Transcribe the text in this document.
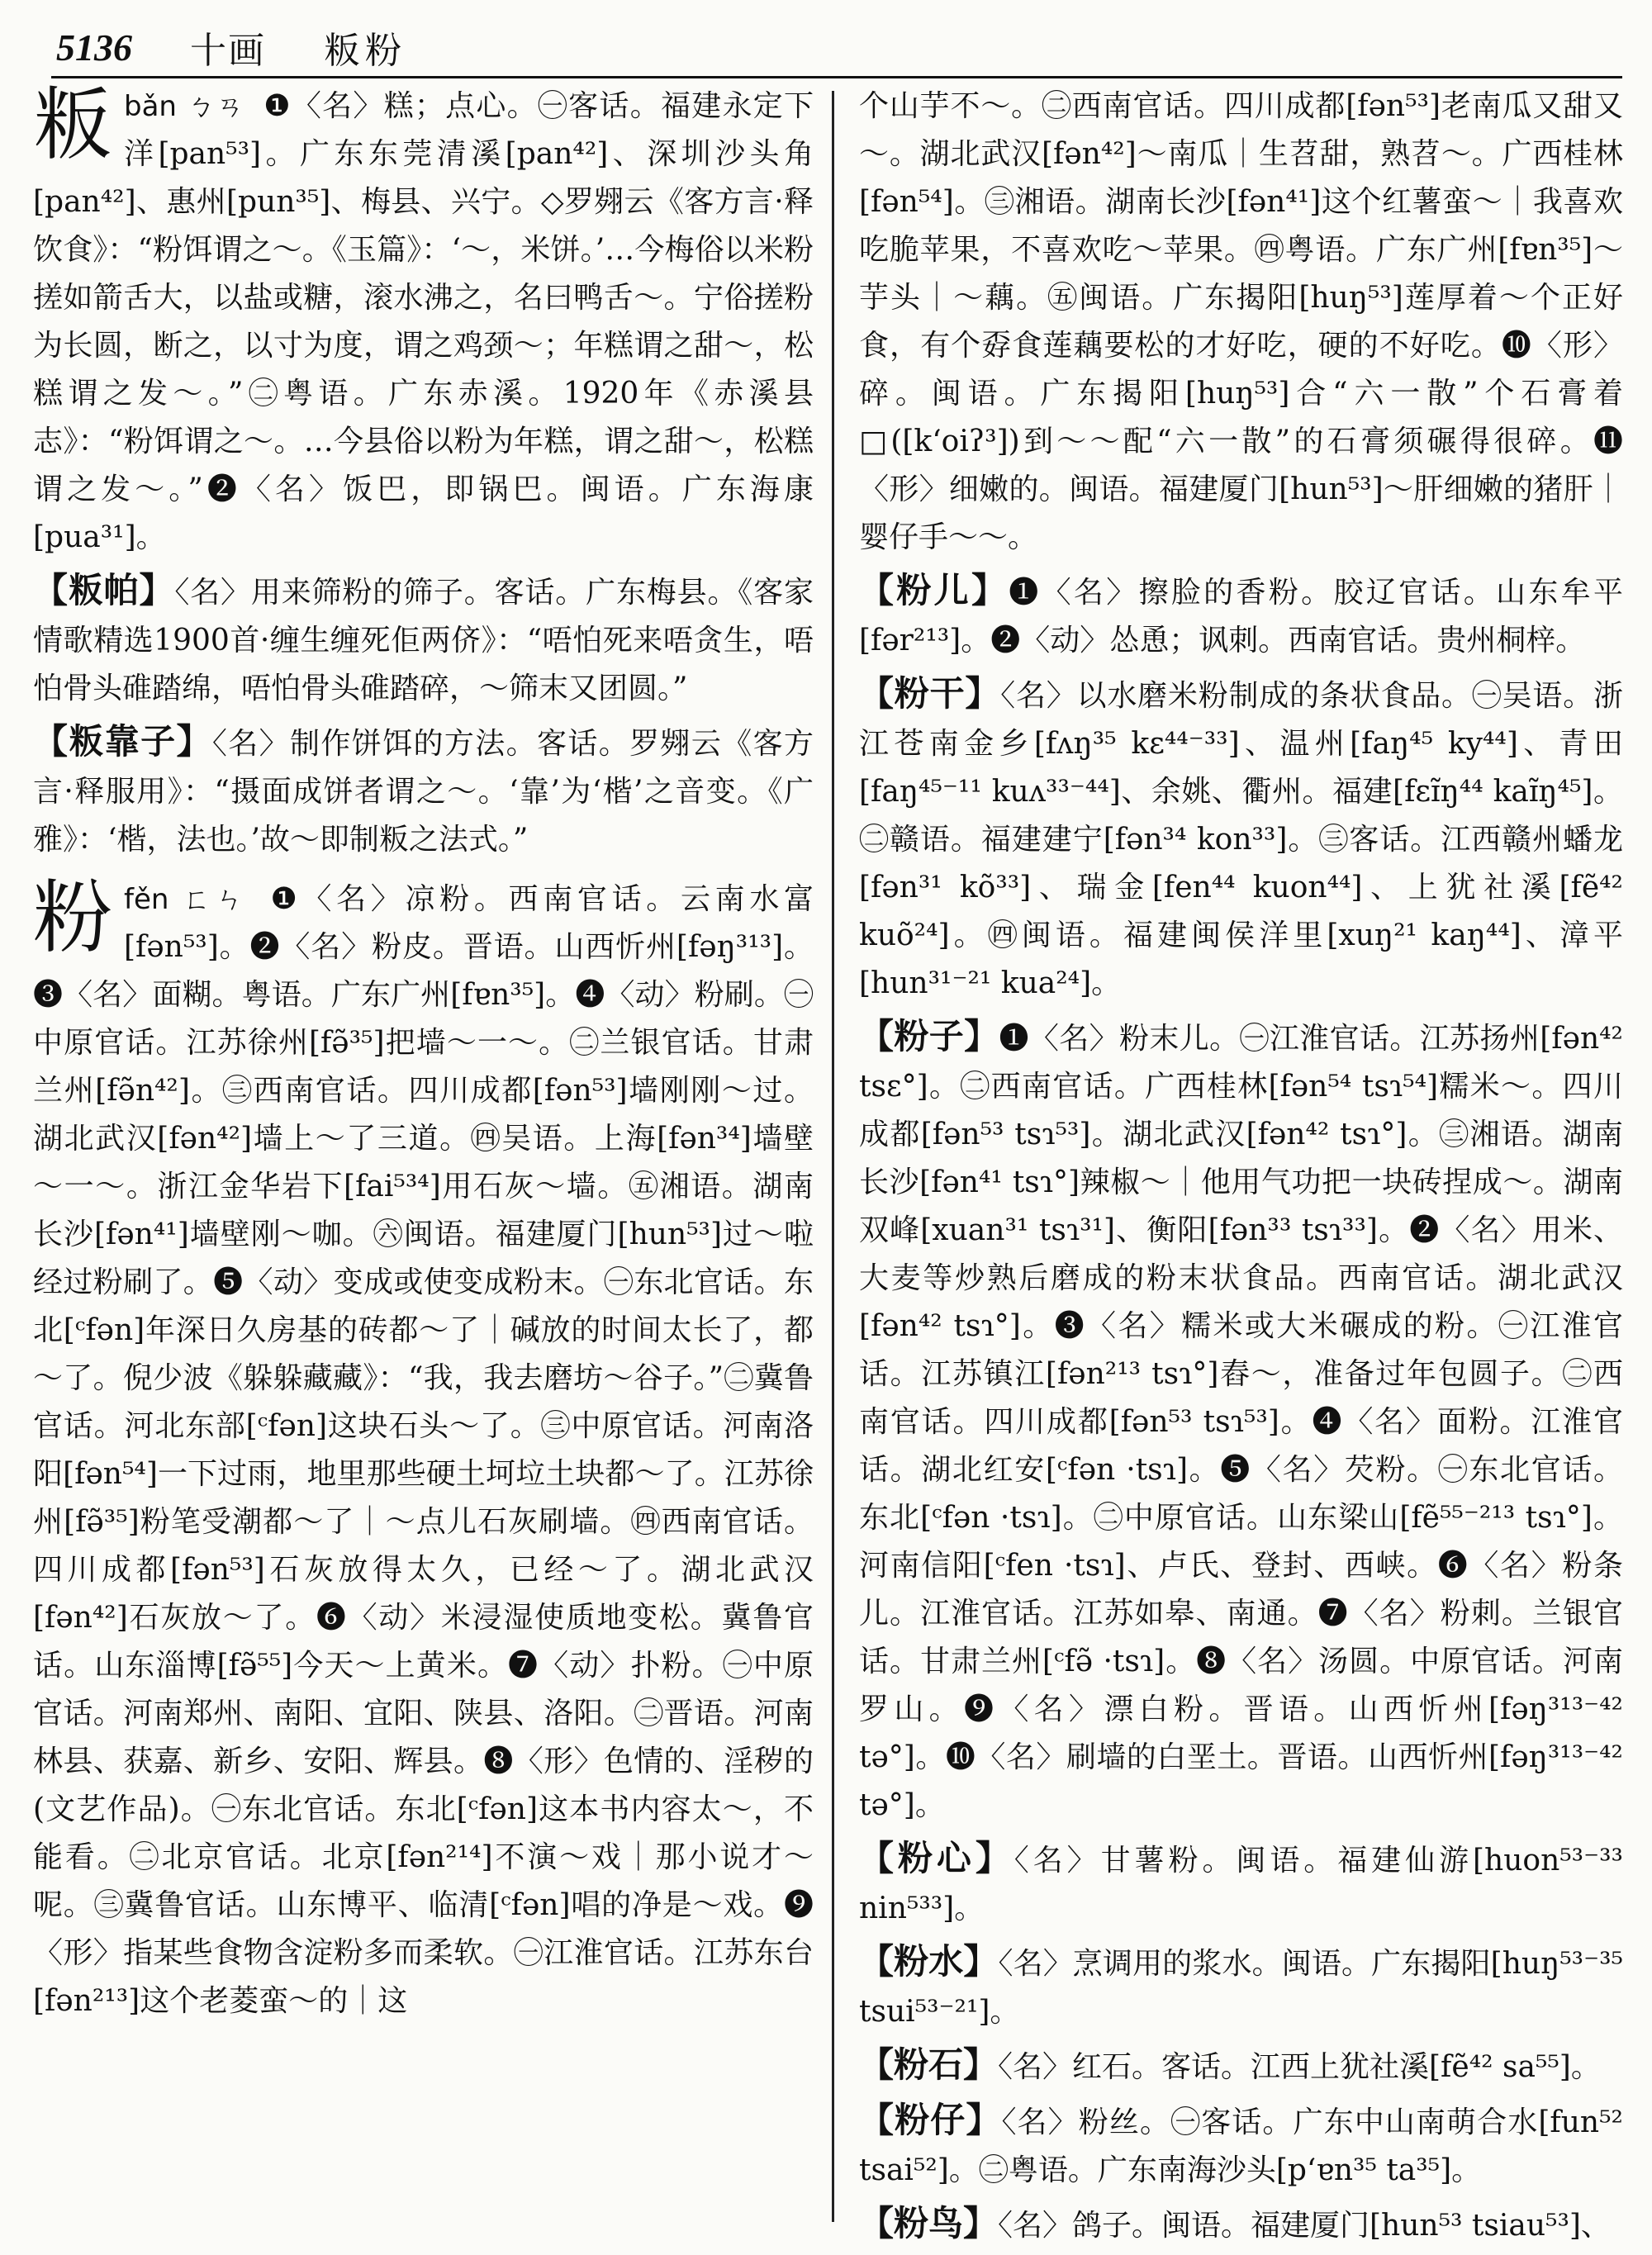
5136 十画 粄粉

粄 bǎn ㄅㄢ ❶〈名〉糕；点心。㊀客话。福建永定下洋[pan⁵³]。广东东莞清溪[pan⁴²]、深圳沙头角[pan⁴²]、惠州[pun³⁵]、梅县、兴宁。◇罗翙云《客方言·释饮食》：“粉饵谓之～。《玉篇》：‘～，米饼。’…今梅俗以米粉搓如箭舌大，以盐或糖，滚水沸之，名曰鸭舌～。宁俗搓粉为长圆，断之，以寸为度，谓之鸡颈～；年糕谓之甜～，松糕谓之发～。”㊁粤语。广东赤溪。1920年《赤溪县志》：“粉饵谓之～。…今县俗以粉为年糕，谓之甜～，松糕谓之发～。”❷〈名〉饭巴，即锅巴。闽语。广东海康[pua³¹]。

【粄帕】〈名〉用来筛粉的筛子。客话。广东梅县。《客家情歌精选1900首·缠生缠死佢两侪》：“唔怕死来唔贪生，唔怕骨头碓踏绵，唔怕骨头碓踏碎，～筛末又团圆。”

【粄靠子】〈名〉制作饼饵的方法。客话。罗翙云《客方言·释服用》：“摄面成饼者谓之～。‘靠’为‘楷’之音变。《广雅》：‘楷，法也。’故～即制粄之法式。”

粉 fěn ㄈㄣ ❶〈名〉凉粉。西南官话。云南水富[fən⁵³]。❷〈名〉粉皮。晋语。山西忻州[fəŋ³¹³]。❸〈名〉面糊。粤语。广东广州[fɐn³⁵]。❹〈动〉粉刷。㊀中原官话。江苏徐州[fə̃³⁵]把墙～一～。㊁兰银官话。甘肃兰州[fə̃n⁴²]。㊂西南官话。四川成都[fən⁵³]墙刚刚～过。湖北武汉[fən⁴²]墙上～了三道。㊃吴语。上海[fən³⁴]墙壁～一～。浙江金华岩下[fai⁵³⁴]用石灰～墙。㊄湘语。湖南长沙[fən⁴¹]墙壁刚～咖。㊅闽语。福建厦门[hun⁵³]过～啦经过粉刷了。❺〈动〉变成或使变成粉末。㊀东北官话。东北[ᶜfən]年深日久房基的砖都～了｜碱放的时间太长了，都～了。倪少波《躲躲藏藏》：“我，我去磨坊～谷子。”㊁冀鲁官话。河北东部[ᶜfən]这块石头～了。㊂中原官话。河南洛阳[fən⁵⁴]一下过雨，地里那些硬土坷垃土块都～了。江苏徐州[fə̃³⁵]粉笔受潮都～了｜～点儿石灰刷墙。㊃西南官话。四川成都[fən⁵³]石灰放得太久，已经～了。湖北武汉[fən⁴²]石灰放～了。❻〈动〉米浸湿使质地变松。冀鲁官话。山东淄博[fə̃⁵⁵]今天～上黄米。❼〈动〉扑粉。㊀中原官话。河南郑州、南阳、宜阳、陕县、洛阳。㊁晋语。河南林县、获嘉、新乡、安阳、辉县。❽〈形〉色情的、淫秽的(文艺作品)。㊀东北官话。东北[ᶜfən]这本书内容太～，不能看。㊁北京官话。北京[fən²¹⁴]不演～戏｜那小说才～呢。㊂冀鲁官话。山东博平、临清[ᶜfən]唱的净是～戏。❾〈形〉指某些食物含淀粉多而柔软。㊀江淮官话。江苏东台[fən²¹³]这个老菱蛮～的｜这

个山芋不～。㊁西南官话。四川成都[fən⁵³]老南瓜又甜又～。湖北武汉[fən⁴²]～南瓜｜生苕甜，熟苕～。广西桂林[fən⁵⁴]。㊂湘语。湖南长沙[fən⁴¹]这个红薯蛮～｜我喜欢吃脆苹果，不喜欢吃～苹果。㊃粤语。广东广州[fɐn³⁵]～芋头｜～藕。㊄闽语。广东揭阳[huŋ⁵³]莲厚着～个正好食，有个孬食莲藕要松的才好吃，硬的不好吃。❿〈形〉碎。闽语。广东揭阳[huŋ⁵³]合“六一散”个石膏着□([k‘oiʔ³])到～～配“六一散”的石膏须碾得很碎。⓫〈形〉细嫩的。闽语。福建厦门[hun⁵³]～肝细嫩的猪肝｜婴仔手～～。

【粉儿】❶〈名〉擦脸的香粉。胶辽官话。山东牟平[fər²¹³]。❷〈动〉怂恿；讽刺。西南官话。贵州桐梓。

【粉干】〈名〉以水磨米粉制成的条状食品。㊀吴语。浙江苍南金乡[fʌŋ³⁵ kɛ⁴⁴⁻³³]、温州[faŋ⁴⁵ ky⁴⁴]、青田[faŋ⁴⁵⁻¹¹ kuʌ³³⁻⁴⁴]、余姚、衢州。福建[fɛɪ̃ŋ⁴⁴ kaɪ̃ŋ⁴⁵]。㊁赣语。福建建宁[fən³⁴ kon³³]。㊂客话。江西赣州蟠龙[fən³¹ kõ³³]、瑞金[fen⁴⁴ kuon⁴⁴]、上犹社溪[fẽ⁴² kuõ²⁴]。㊃闽语。福建闽侯洋里[xuŋ²¹ kaŋ⁴⁴]、漳平[hun³¹⁻²¹ kua²⁴]。

【粉子】❶〈名〉粉末儿。㊀江淮官话。江苏扬州[fən⁴² tsɛ°]。㊁西南官话。广西桂林[fən⁵⁴ tsɿ⁵⁴]糯米～。四川成都[fən⁵³ tsɿ⁵³]。湖北武汉[fən⁴² tsɿ°]。㊂湘语。湖南长沙[fən⁴¹ tsɿ°]辣椒～｜他用气功把一块砖捏成～。湖南双峰[xuan³¹ tsɿ³¹]、衡阳[fən³³ tsɿ³³]。❷〈名〉用米、大麦等炒熟后磨成的粉末状食品。西南官话。湖北武汉[fən⁴² tsɿ°]。❸〈名〉糯米或大米碾成的粉。㊀江淮官话。江苏镇江[fən²¹³ tsɿ°]舂～，准备过年包圆子。㊁西南官话。四川成都[fən⁵³ tsɿ⁵³]。❹〈名〉面粉。江淮官话。湖北红安[ᶜfən ·tsɿ]。❺〈名〉芡粉。㊀东北官话。东北[ᶜfən ·tsɿ]。㊁中原官话。山东梁山[fẽ⁵⁵⁻²¹³ tsɿ°]。河南信阳[ᶜfen ·tsɿ]、卢氏、登封、西峡。❻〈名〉粉条儿。江淮官话。江苏如皋、南通。❼〈名〉粉刺。兰银官话。甘肃兰州[ᶜfə̃ ·tsɿ]。❽〈名〉汤圆。中原官话。河南罗山。❾〈名〉漂白粉。晋语。山西忻州[fəŋ³¹³⁻⁴² tə°]。❿〈名〉刷墙的白垩土。晋语。山西忻州[fəŋ³¹³⁻⁴² tə°]。

【粉心】〈名〉甘薯粉。闽语。福建仙游[huon⁵³⁻³³ nin⁵³³]。

【粉水】〈名〉烹调用的浆水。闽语。广东揭阳[huŋ⁵³⁻³⁵ tsui⁵³⁻²¹]。

【粉石】〈名〉红石。客话。江西上犹社溪[fẽ⁴² sa⁵⁵]。

【粉仔】〈名〉粉丝。㊀客话。广东中山南萌合水[fun⁵² tsai⁵²]。㊁粤语。广东南海沙头[p‘ɐn³⁵ ta³⁵]。

【粉鸟】〈名〉鸽子。闽语。福建厦门[hun⁵³ tsiau⁵³]、
